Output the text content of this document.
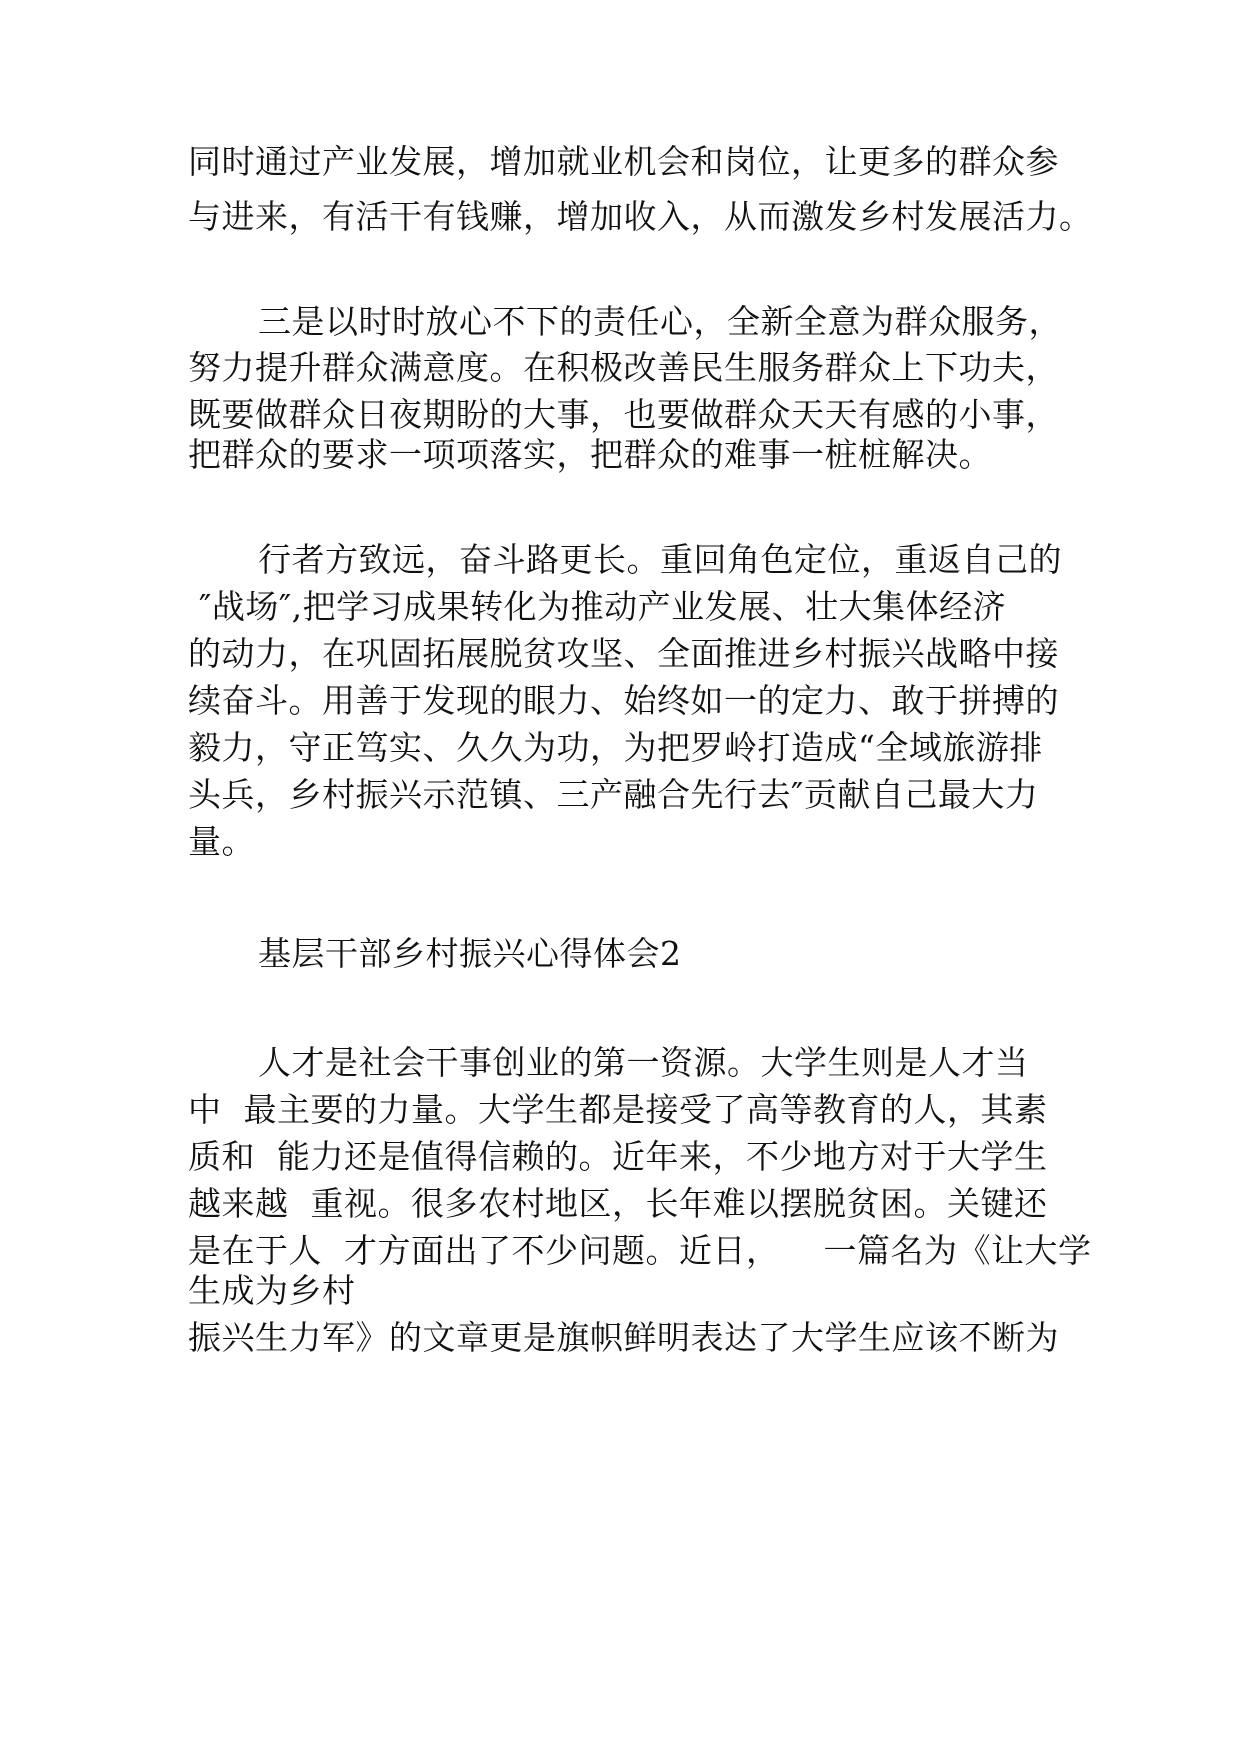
同时通过产业发展，增加就业机会和岗位，让更多的群众参
与进来，有活干有钱赚，增加收入，从而激发乡村发展活力。
三是以时时放心不下的责任心，全新全意为群众服务，
努力提升群众满意度。在积极改善民生服务群众上下功夫，
既要做群众日夜期盼的大事，也要做群众天天有感的小事，
把群众的要求一项项落实，把群众的难事一桩桩解决。
行者方致远，奋斗路更长。重回角色定位，重返自己的
″战场″,把学习成果转化为推动产业发展、壮大集体经济
的动力，在巩固拓展脱贫攻坚、全面推进乡村振兴战略中接
续奋斗。用善于发现的眼力、始终如一的定力、敢于拼搏的
毅力，守正笃实、久久为功，为把罗岭打造成“全域旅游排
头兵，乡村振兴示范镇、三产融合先行去″贡献自己最大力
量。
基层干部乡村振兴心得体会2
人才是社会干事创业的第一资源。大学生则是人才当
中  最主要的力量。大学生都是接受了高等教育的人，其素
质和  能力还是值得信赖的。近年来，不少地方对于大学生
越来越  重视。很多农村地区，长年难以摆脱贫困。关键还
是在于人  才方面出了不少问题。近日，    一篇名为《让大学
生成为乡村
振兴生力军》的文章更是旗帜鲜明表达了大学生应该不断为
